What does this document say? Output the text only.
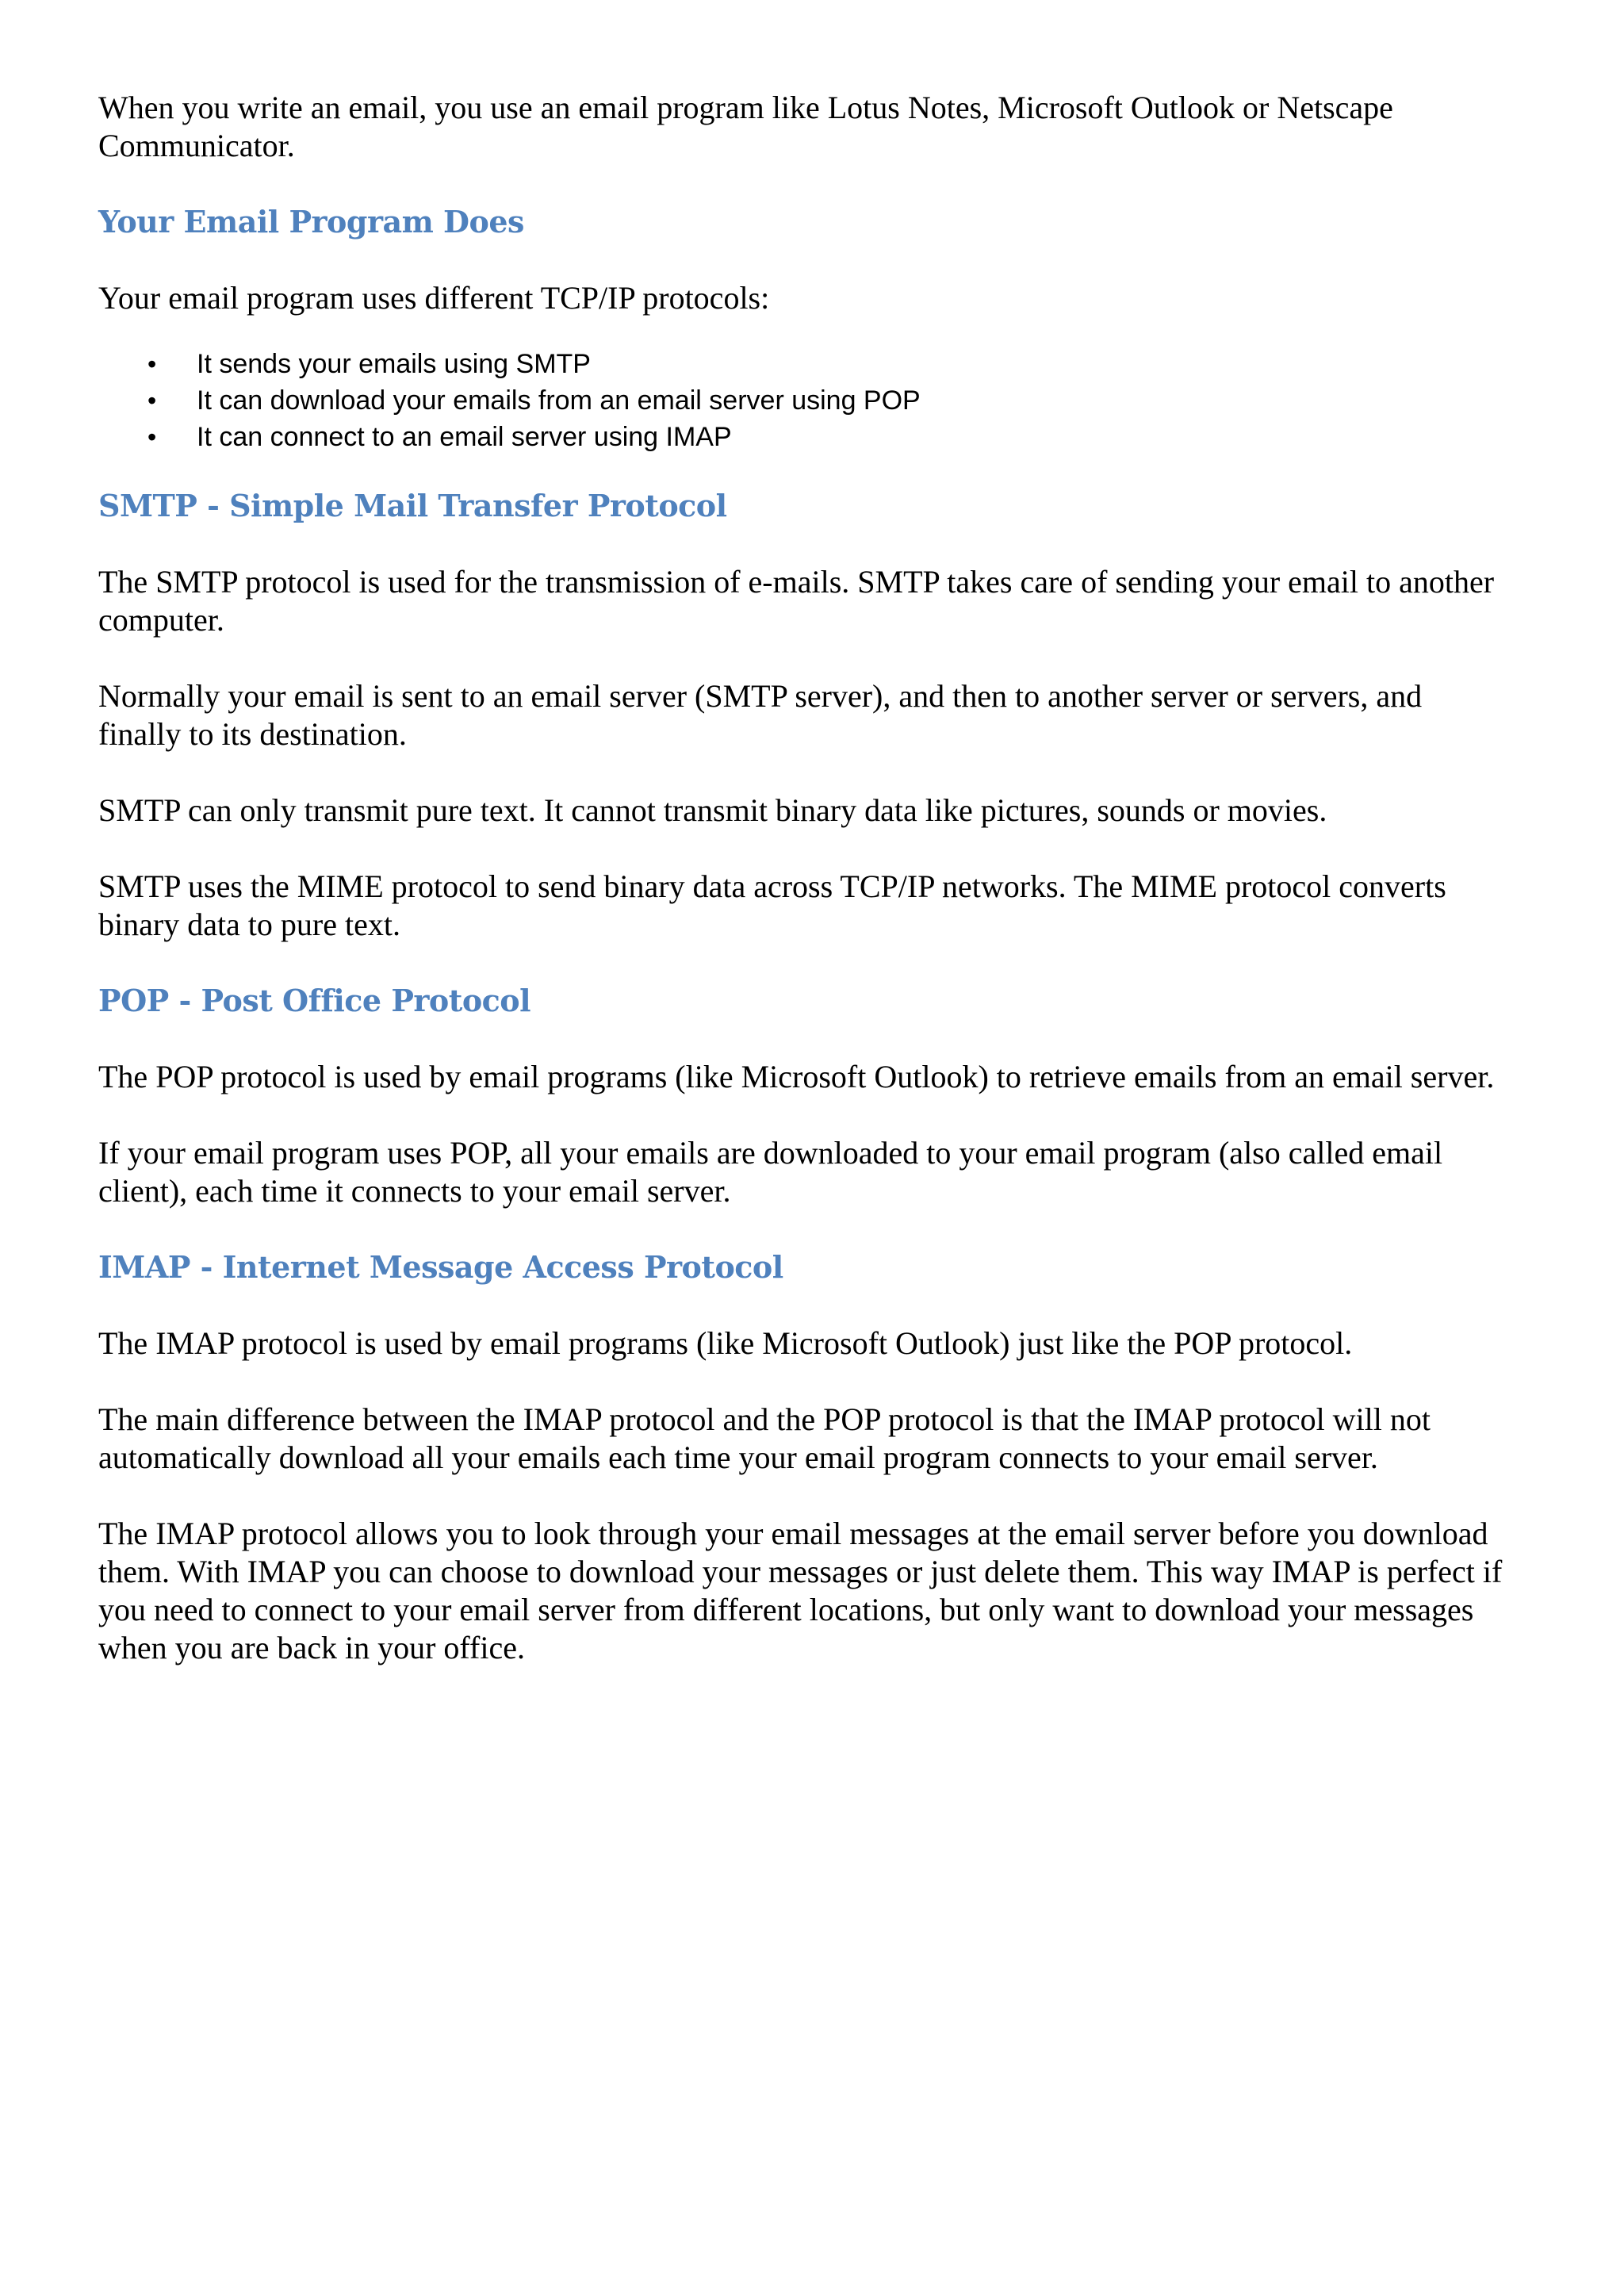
When you write an email, you use an email program like Lotus Notes, Microsoft Outlook or Netscape Communicator.

Your Email Program Does

Your email program uses different TCP/IP protocols:

• It sends your emails using SMTP
• It can download your emails from an email server using POP
• It can connect to an email server using IMAP
SMTP - Simple Mail Transfer Protocol

The SMTP protocol is used for the transmission of e-mails. SMTP takes care of sending your email to another computer.

Normally your email is sent to an email server (SMTP server), and then to another server or servers, and finally to its destination.

SMTP can only transmit pure text. It cannot transmit binary data like pictures, sounds or movies.

SMTP uses the MIME protocol to send binary data across TCP/IP networks. The MIME protocol converts binary data to pure text.

POP - Post Office Protocol

The POP protocol is used by email programs (like Microsoft Outlook) to retrieve emails from an email server.

If your email program uses POP, all your emails are downloaded to your email program (also called email client), each time it connects to your email server.

IMAP - Internet Message Access Protocol

The IMAP protocol is used by email programs (like Microsoft Outlook) just like the POP protocol.

The main difference between the IMAP protocol and the POP protocol is that the IMAP protocol will not automatically download all your emails each time your email program connects to your email server.

The IMAP protocol allows you to look through your email messages at the email server before you download them. With IMAP you can choose to download your messages or just delete them. This way IMAP is perfect if you need to connect to your email server from different locations, but only want to download your messages when you are back in your office.
